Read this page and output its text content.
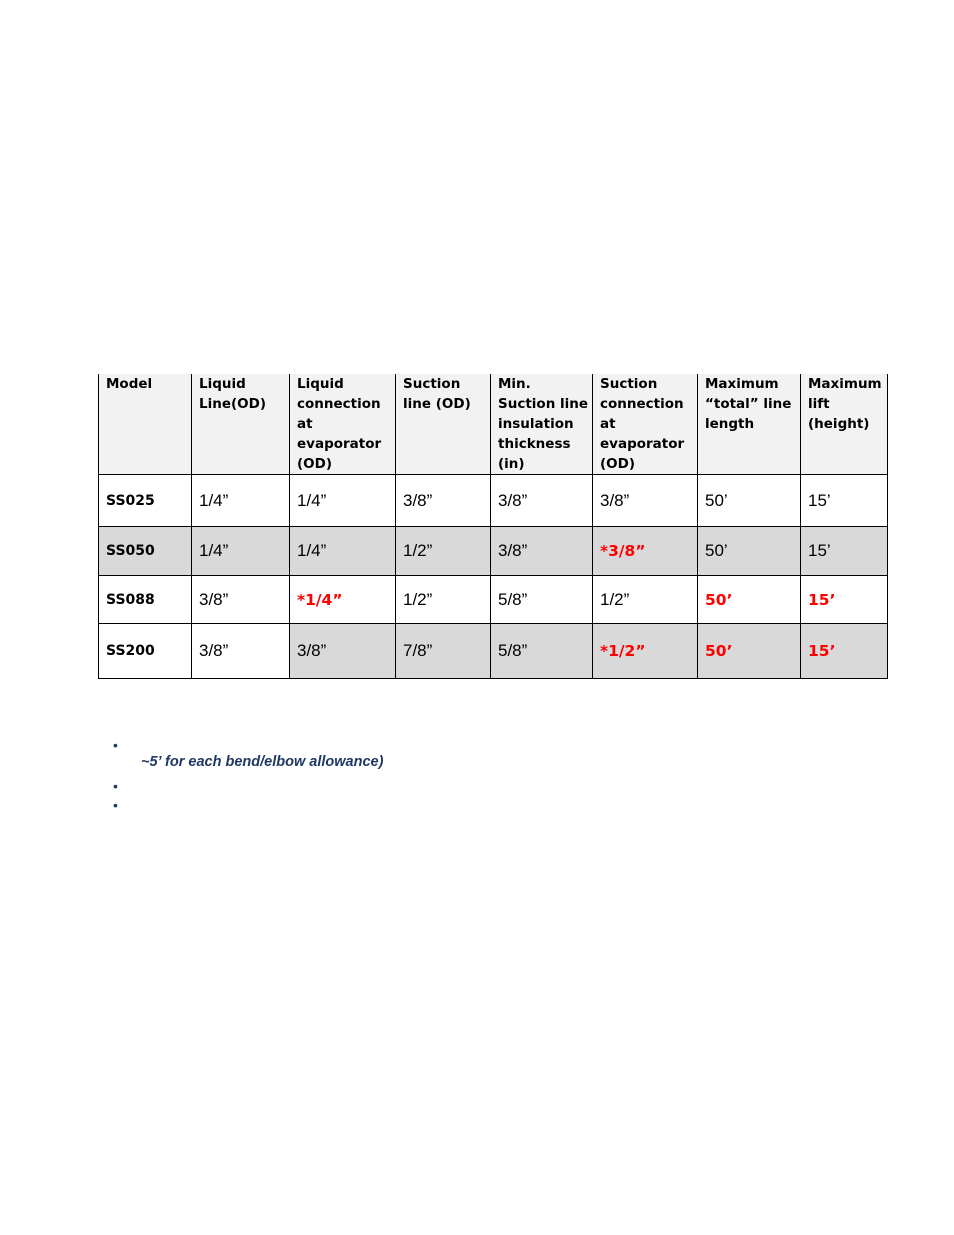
Model	Liquid Line(OD)	Liquid connection at evaporator (OD)	Suction line (OD)	Min. Suction line insulation thickness (in)	Suction connection at evaporator (OD)	Maximum “total” line length	Maximum lift (height)
SS025	1/4”	1/4”	3/8”	3/8”	3/8”	50’	15’
SS050	1/4”	1/4”	1/2”	3/8”	*3/8”	50’	15’
SS088	3/8”	*1/4”	1/2”	5/8”	1/2”	50’	15’
SS200	3/8”	3/8”	7/8”	5/8”	*1/2”	50’	15’
•
~5’ for each bend/elbow allowance)
•
•
